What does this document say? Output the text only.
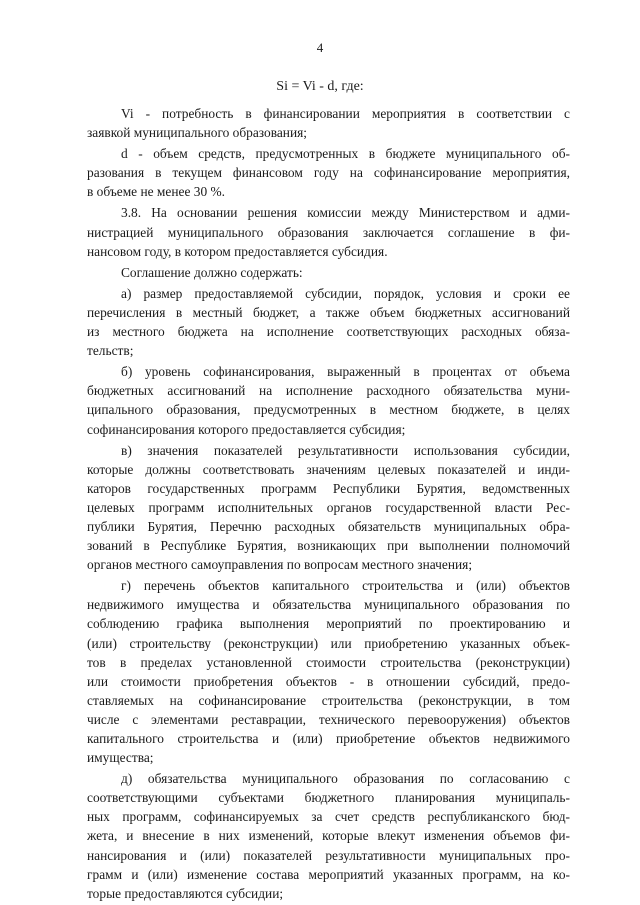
4
Si = Vi - d, где:

Vi - потребность в финансировании мероприятия в соответствии с
заявкой муниципального образования;

d - объем средств, предусмотренных в бюджете муниципального об-
разования в текущем финансовом году на софинансирование мероприятия,
в объеме не менее 30 %.

3.8. На основании решения комиссии между Министерством и адми-
нистрацией муниципального образования заключается соглашение в фи-
нансовом году, в котором предоставляется субсидия.

Соглашение должно содержать:

а) размер предоставляемой субсидии, порядок, условия и сроки ее
перечисления в местный бюджет, а также объем бюджетных ассигнований
из местного бюджета на исполнение соответствующих расходных обяза-
тельств;

б) уровень софинансирования, выраженный в процентах от объема
бюджетных ассигнований на исполнение расходного обязательства муни-
ципального образования, предусмотренных в местном бюджете, в целях
софинансирования которого предоставляется субсидия;

в) значения показателей результативности использования субсидии,
которые должны соответствовать значениям целевых показателей и инди-
каторов государственных программ Республики Бурятия, ведомственных
целевых программ исполнительных органов государственной власти Рес-
публики Бурятия, Перечню расходных обязательств муниципальных обра-
зований в Республике Бурятия, возникающих при выполнении полномочий
органов местного самоуправления по вопросам местного значения;

г) перечень объектов капитального строительства и (или) объектов
недвижимого имущества и обязательства муниципального образования по
соблюдению графика выполнения мероприятий по проектированию и
(или) строительству (реконструкции) или приобретению указанных объек-
тов в пределах установленной стоимости строительства (реконструкции)
или стоимости приобретения объектов - в отношении субсидий, предо-
ставляемых на софинансирование строительства (реконструкции, в том
числе с элементами реставрации, технического перевооружения) объектов
капитального строительства и (или) приобретение объектов недвижимого
имущества;

д) обязательства муниципального образования по согласованию с
соответствующими субъектами бюджетного планирования муниципаль-
ных программ, софинансируемых за счет средств республиканского бюд-
жета, и внесение в них изменений, которые влекут изменения объемов фи-
нансирования и (или) показателей результативности муниципальных про-
грамм и (или) изменение состава мероприятий указанных программ, на ко-
торые предоставляются субсидии;
